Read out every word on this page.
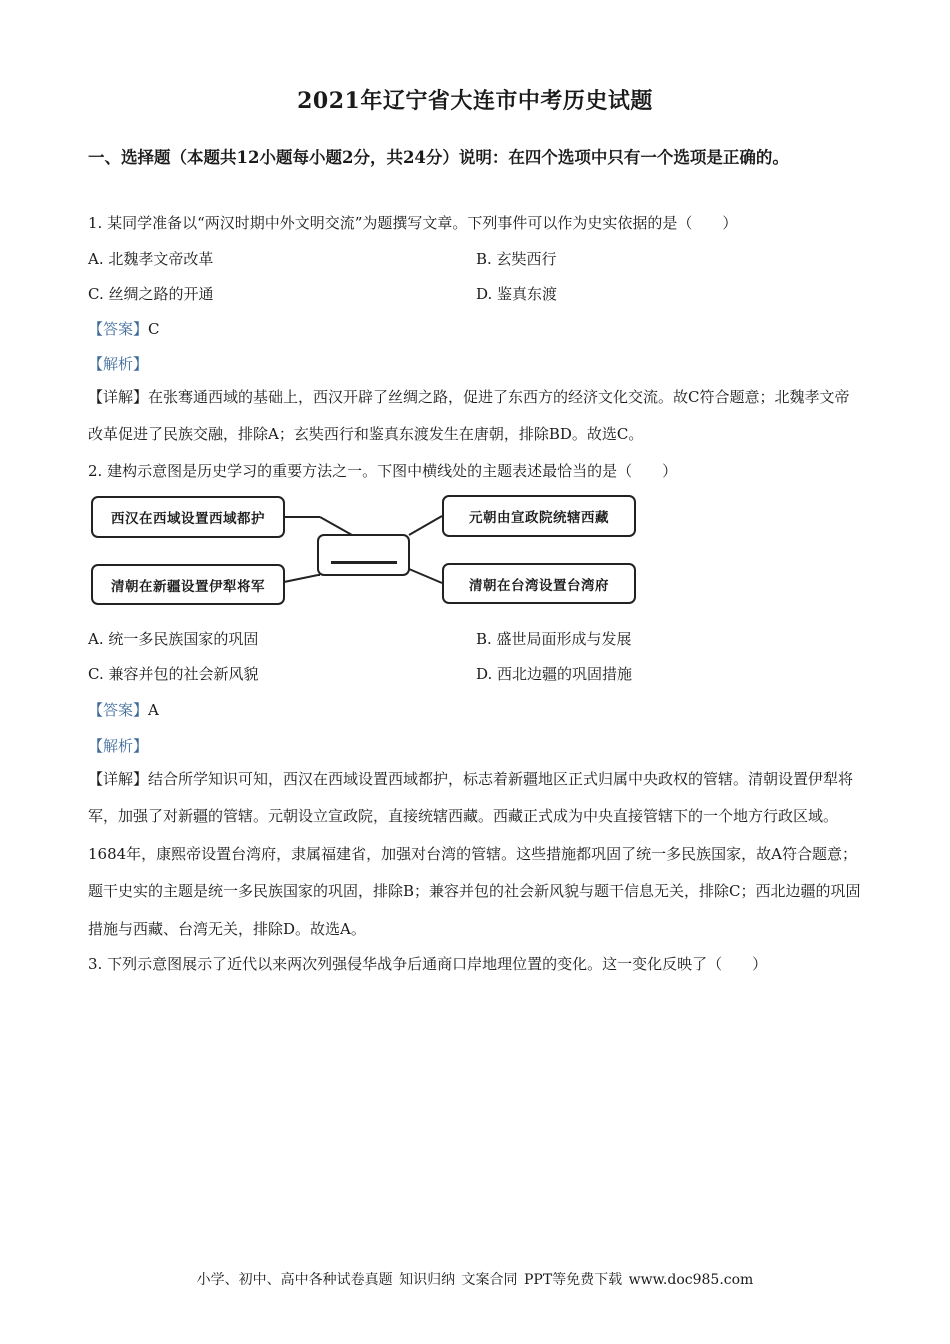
2021年辽宁省大连市中考历史试题
一、选择题（本题共12小题每小题2分，共24分）说明：在四个选项中只有一个选项是正确的。
1. 某同学准备以“两汉时期中外文明交流”为题撰写文章。下列事件可以作为史实依据的是（　　）
A. 北魏孝文帝改革	B. 玄奘西行
C. 丝绸之路的开通	D. 鉴真东渡
【答案】C
【解析】
【详解】在张骞通西域的基础上，西汉开辟了丝绸之路，促进了东西方的经济文化交流。故C符合题意；北魏孝文帝改革促进了民族交融，排除A；玄奘西行和鉴真东渡发生在唐朝，排除BD。故选C。
2. 建构示意图是历史学习的重要方法之一。下图中横线处的主题表述最恰当的是（　　）
西汉在西域设置西域都护	元朝由宣政院统辖西藏
清朝在新疆设置伊犁将军	清朝在台湾设置台湾府
A. 统一多民族国家的巩固	B. 盛世局面形成与发展
C. 兼容并包的社会新风貌	D. 西北边疆的巩固措施
【答案】A
【解析】
【详解】结合所学知识可知，西汉在西域设置西域都护，标志着新疆地区正式归属中央政权的管辖。清朝设置伊犁将军，加强了对新疆的管辖。元朝设立宣政院，直接统辖西藏。西藏正式成为中央直接管辖下的一个地方行政区域。1684年，康熙帝设置台湾府，隶属福建省，加强对台湾的管辖。这些措施都巩固了统一多民族国家，故A符合题意；题干史实的主题是统一多民族国家的巩固，排除B；兼容并包的社会新风貌与题干信息无关，排除C；西北边疆的巩固措施与西藏、台湾无关，排除D。故选A。
3. 下列示意图展示了近代以来两次列强侵华战争后通商口岸地理位置的变化。这一变化反映了（　　）
小学、初中、高中各种试卷真题 知识归纳 文案合同 PPT等免费下载 www.doc985.com
